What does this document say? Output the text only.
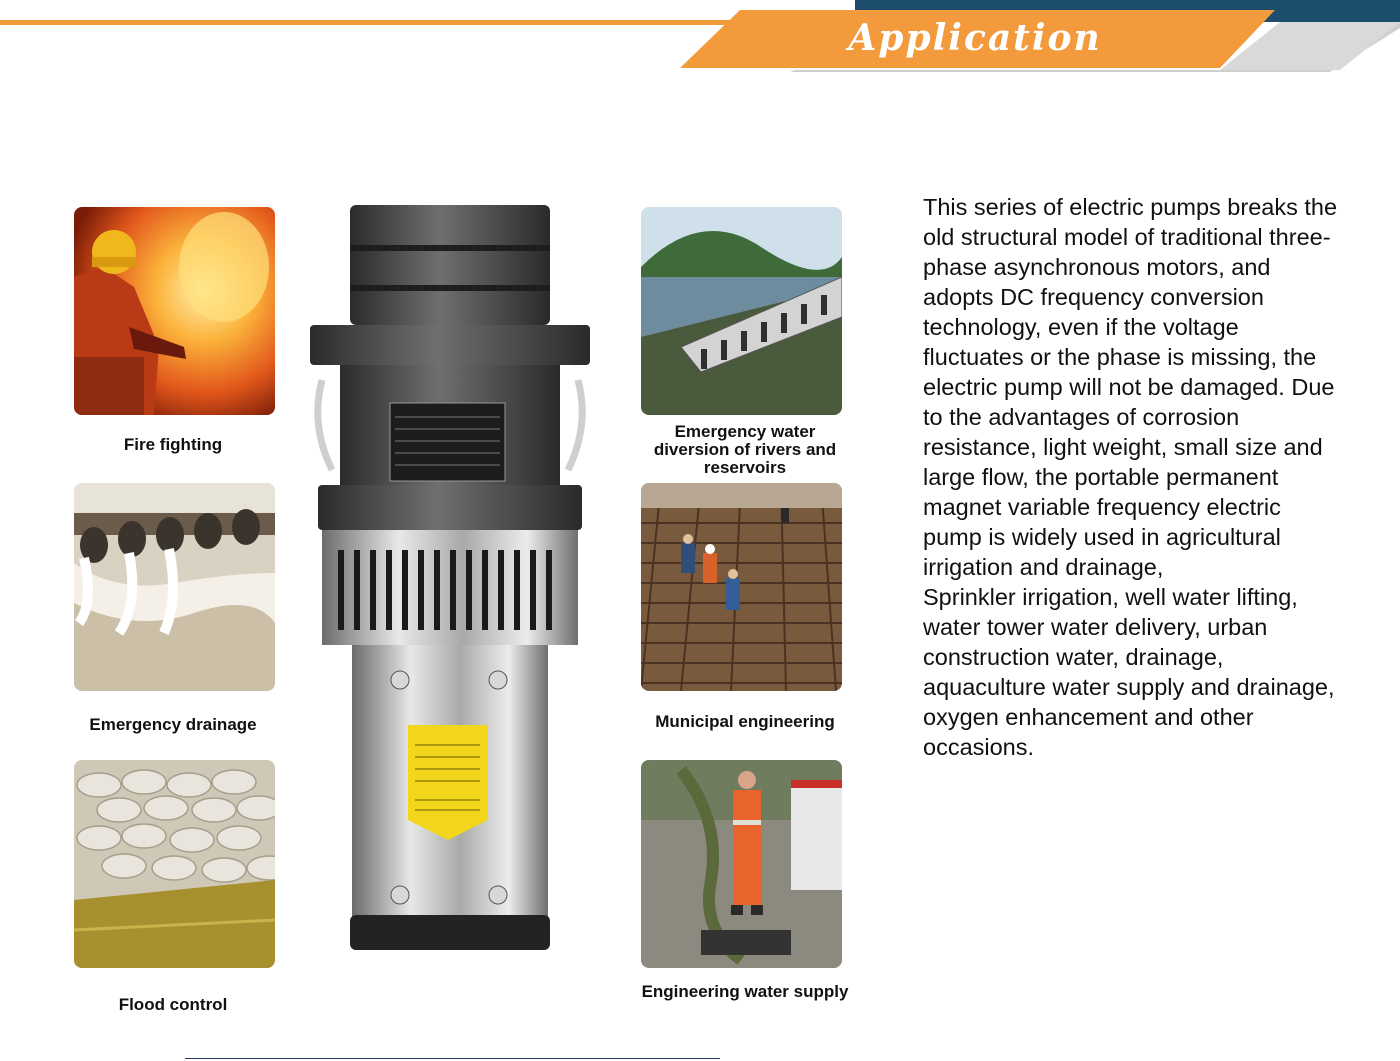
Application
Fire fighting
Emergency drainage
Flood control
Emergency water diversion of rivers and reservoirs
Municipal engineering
Engineering water supply

This series of electric pumps breaks the old structural model of traditional three-phase asynchronous motors, and adopts DC frequency conversion technology, even if the voltage fluctuates or the phase is missing, the electric pump will not be damaged. Due to the advantages of corrosion resistance, light weight, small size and large flow, the portable permanent magnet variable frequency electric pump is widely used in agricultural irrigation and drainage,

Sprinkler irrigation, well water lifting, water tower water delivery, urban construction water, drainage, aquaculture water supply and drainage, oxygen enhancement and other occasions.
